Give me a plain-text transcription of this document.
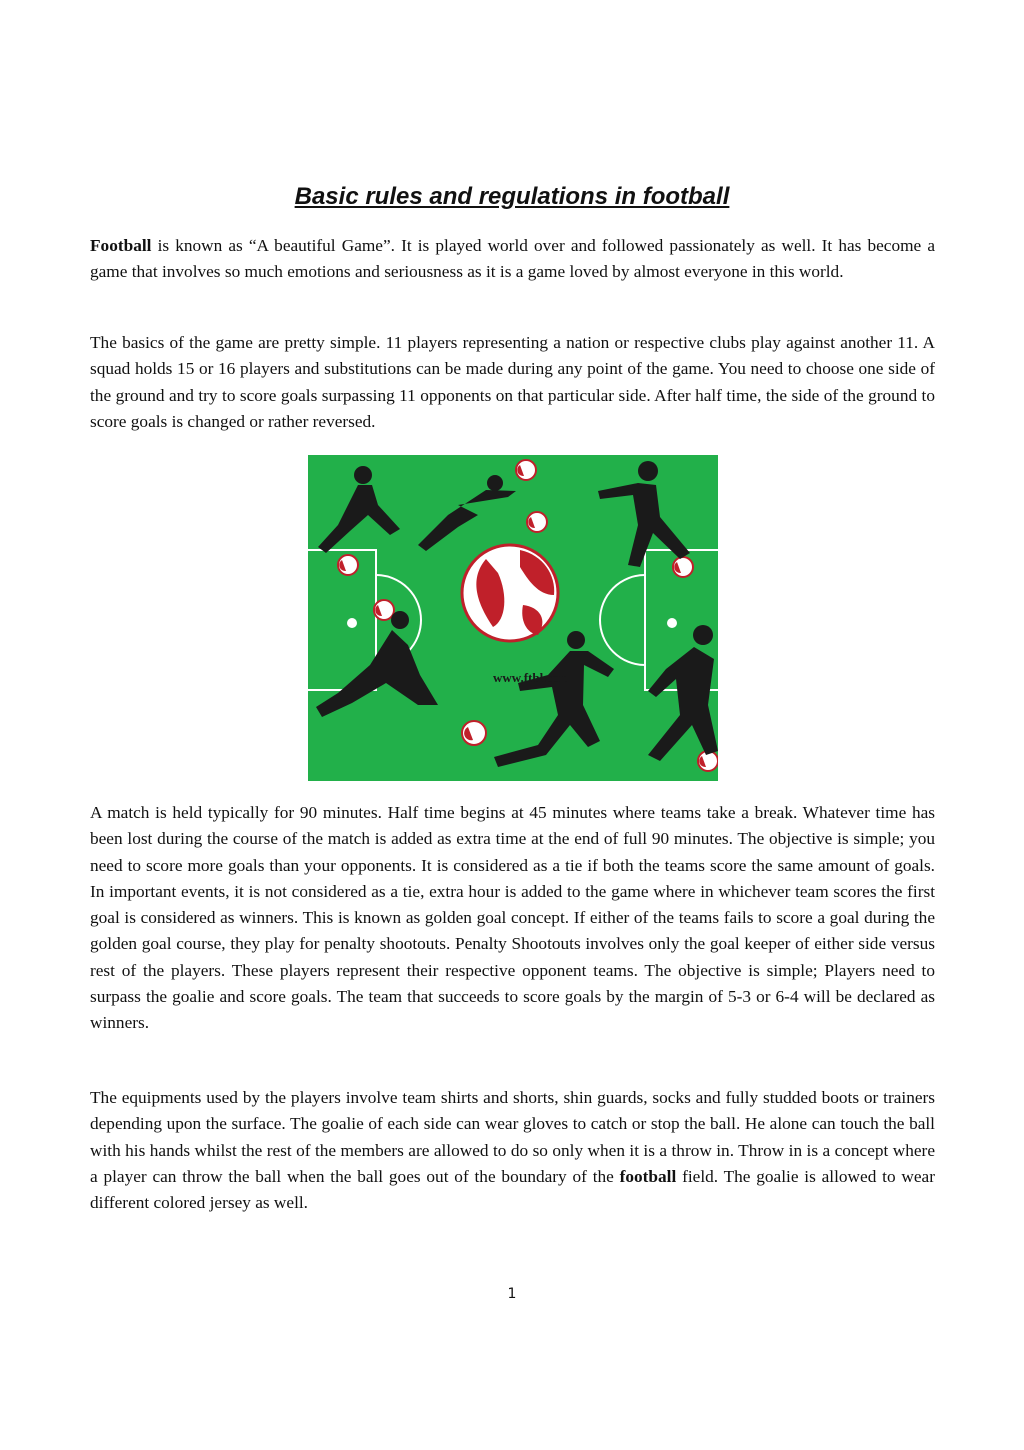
Basic rules and regulations in football

Football is known as “A beautiful Game”. It is played world over and followed passionately as well. It has become a game that involves so much emotions and seriousness as it is a game loved by almost everyone in this world.

The basics of the game are pretty simple. 11 players representing a nation or respective clubs play against another 11. A squad holds 15 or 16 players and substitutions can be made during any point of the game. You need to choose one side of the ground and try to score goals surpassing 11 opponents on that particular side. After half time, the side of the ground to score goals is changed or rather reversed.

www.ftbl.com

A match is held typically for 90 minutes. Half time begins at 45 minutes where teams take a break. Whatever time has been lost during the course of the match is added as extra time at the end of full 90 minutes. The objective is simple; you need to score more goals than your opponents. It is considered as a tie if both the teams score the same amount of goals. In important events, it is not considered as a tie, extra hour is added to the game where in whichever team scores the first goal is considered as winners. This is known as golden goal concept. If either of the teams fails to score a goal during the golden goal course, they play for penalty shootouts. Penalty Shootouts involves only the goal keeper of either side versus rest of the players. These players represent their respective opponent teams. The objective is simple; Players need to surpass the goalie and score goals. The team that succeeds to score goals by the margin of 5-3 or 6-4 will be declared as winners.

The equipments used by the players involve team shirts and shorts, shin guards, socks and fully studded boots or trainers depending upon the surface. The goalie of each side can wear gloves to catch or stop the ball. He alone can touch the ball with his hands whilst the rest of the members are allowed to do so only when it is a throw in. Throw in is a concept where a player can throw the ball when the ball goes out of the boundary of the football field. The goalie is allowed to wear different colored jersey as well.

1
